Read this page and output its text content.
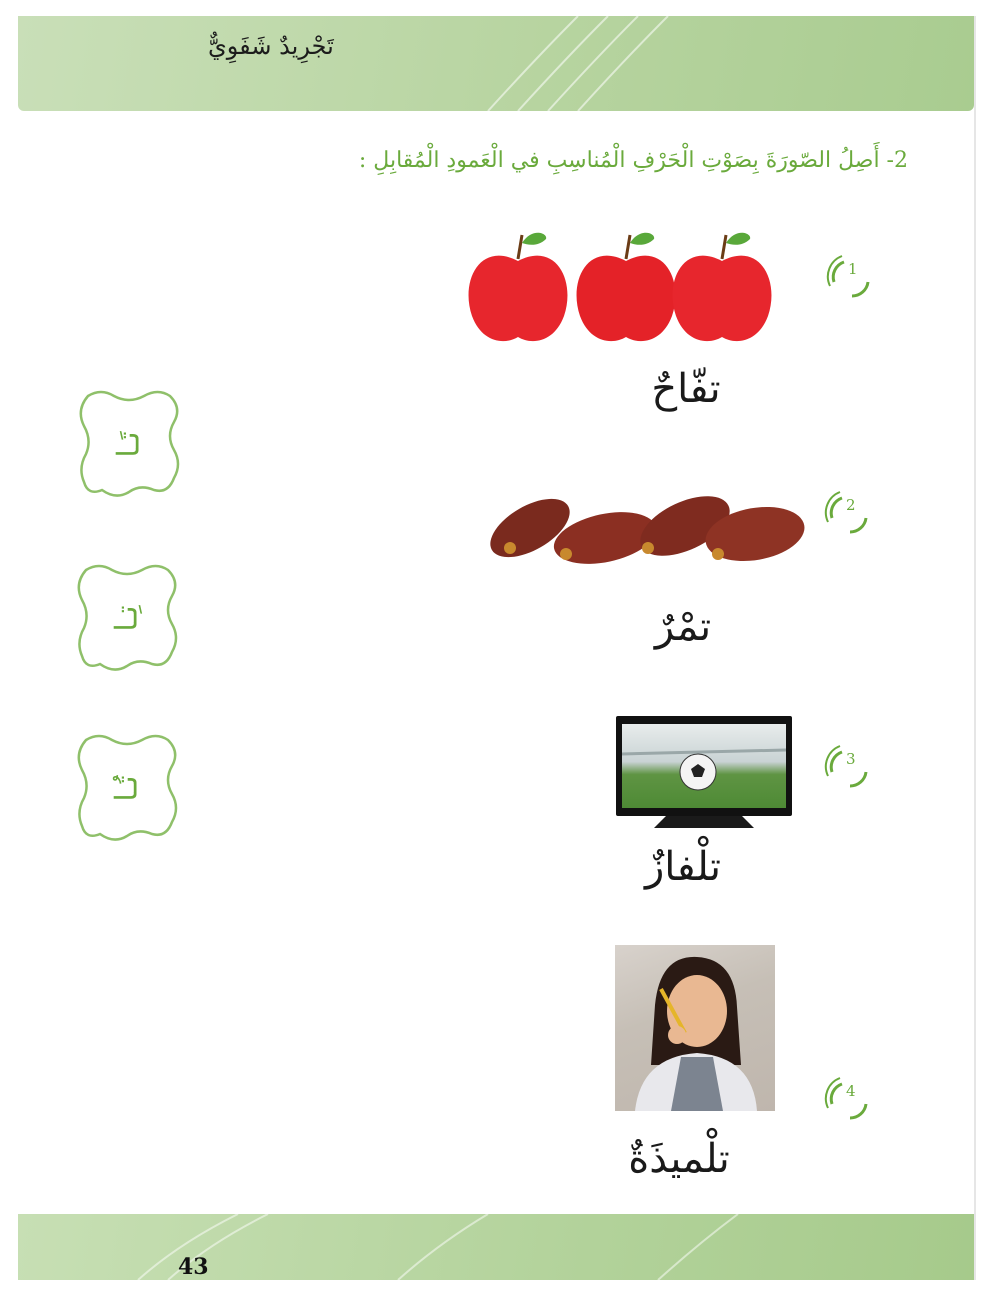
تَجْرِيدٌ شَفَوِيٌّ
2- أَصِلُ الصّورَةَ بِصَوْتِ الْحَرْفِ الْمُناسِبِ في الْعَمودِ الْمُقابِلِ :
1
تفّاحٌ
2
تمْرٌ
3
تلْفازٌ
4
تلْميذَةٌ
تَـا
تِـا
تُـا
43
